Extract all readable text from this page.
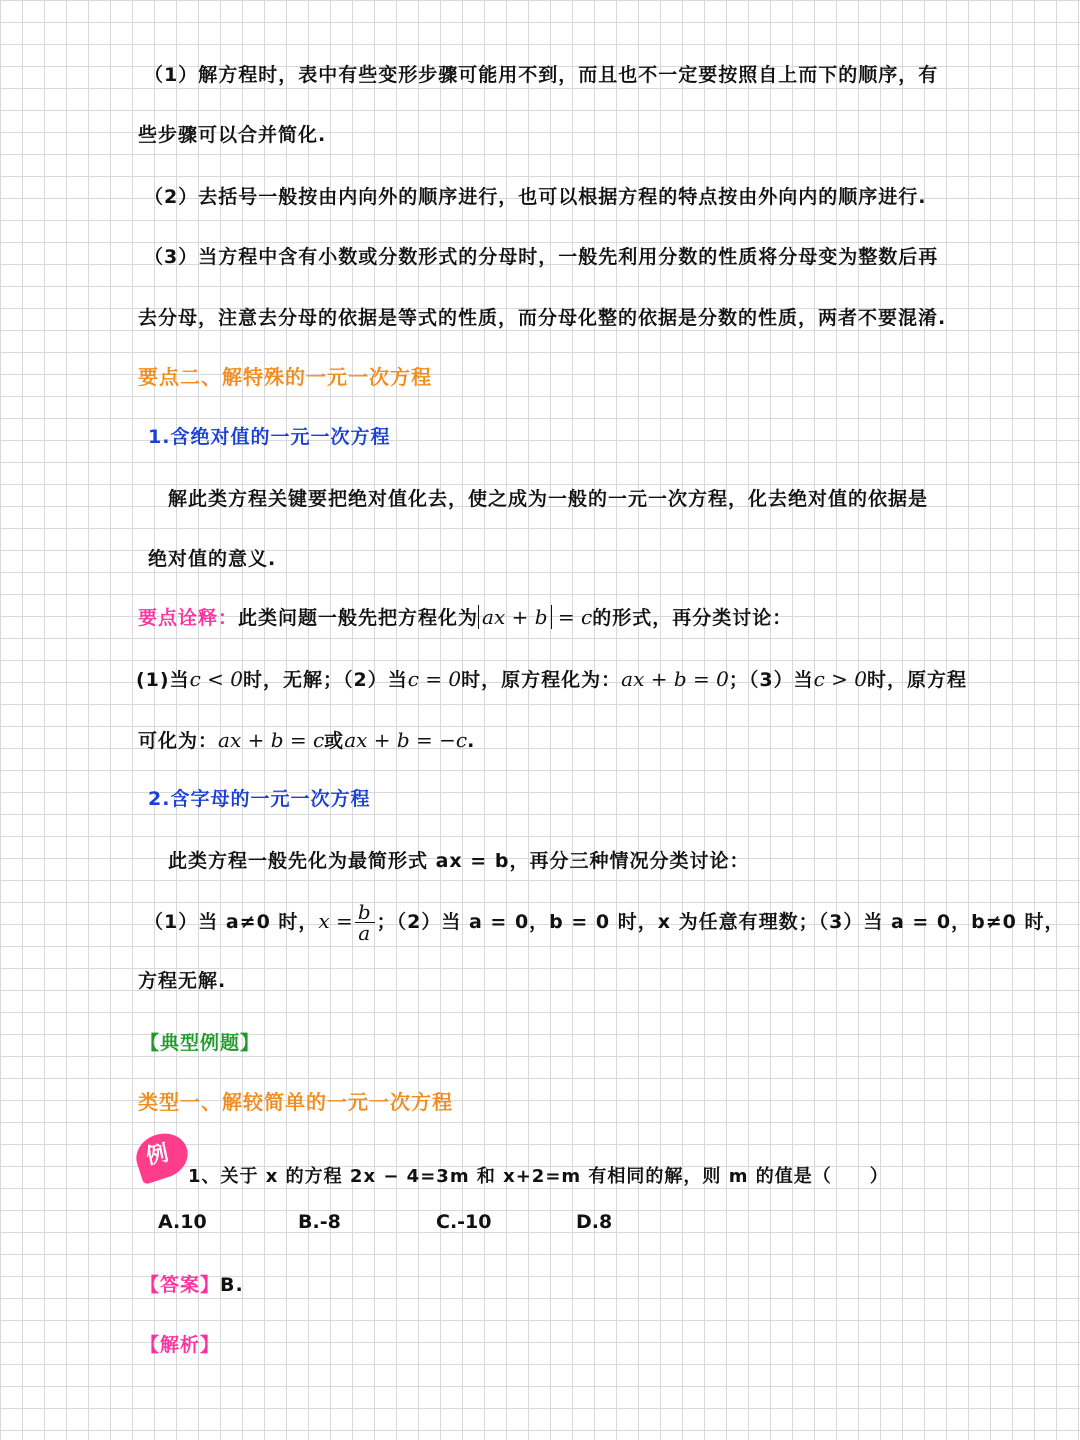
（1）解方程时，表中有些变形步骤可能用不到，而且也不一定要按照自上而下的顺序，有
些步骤可以合并简化.
（2）去括号一般按由内向外的顺序进行，也可以根据方程的特点按由外向内的顺序进行.
（3）当方程中含有小数或分数形式的分母时，一般先利用分数的性质将分母变为整数后再
去分母，注意去分母的依据是等式的性质，而分母化整的依据是分数的性质，两者不要混淆.
要点二、解特殊的一元一次方程
1.含绝对值的一元一次方程
解此类方程关键要把绝对值化去，使之成为一般的一元一次方程，化去绝对值的依据是
绝对值的意义.
要点诠释：此类问题一般先把方程化为 ax + b = c的形式，再分类讨论：
(1)当c < 0时，无解；（2）当c = 0时，原方程化为：ax + b = 0；（3）当c > 0时，原方程
可化为：ax + b = c或ax + b = −c.
2.含字母的一元一次方程
此类方程一般先化为最简形式 ax = b，再分三种情况分类讨论：
（1）当 a≠0 时，$x = \frac{b}{a}$ ；（2）当 a = 0，b = 0 时，x 为任意有理数；（3）当 a = 0，b≠0 时，
方程无解.
【典型例题】
类型一、解较简单的一元一次方程
例
1、关于 x 的方程 2x − 4=3m 和 x+2=m 有相同的解，则 m 的值是（　　）
A.10	B.-8	C.-10	D.8
【答案】B.
【解析】
